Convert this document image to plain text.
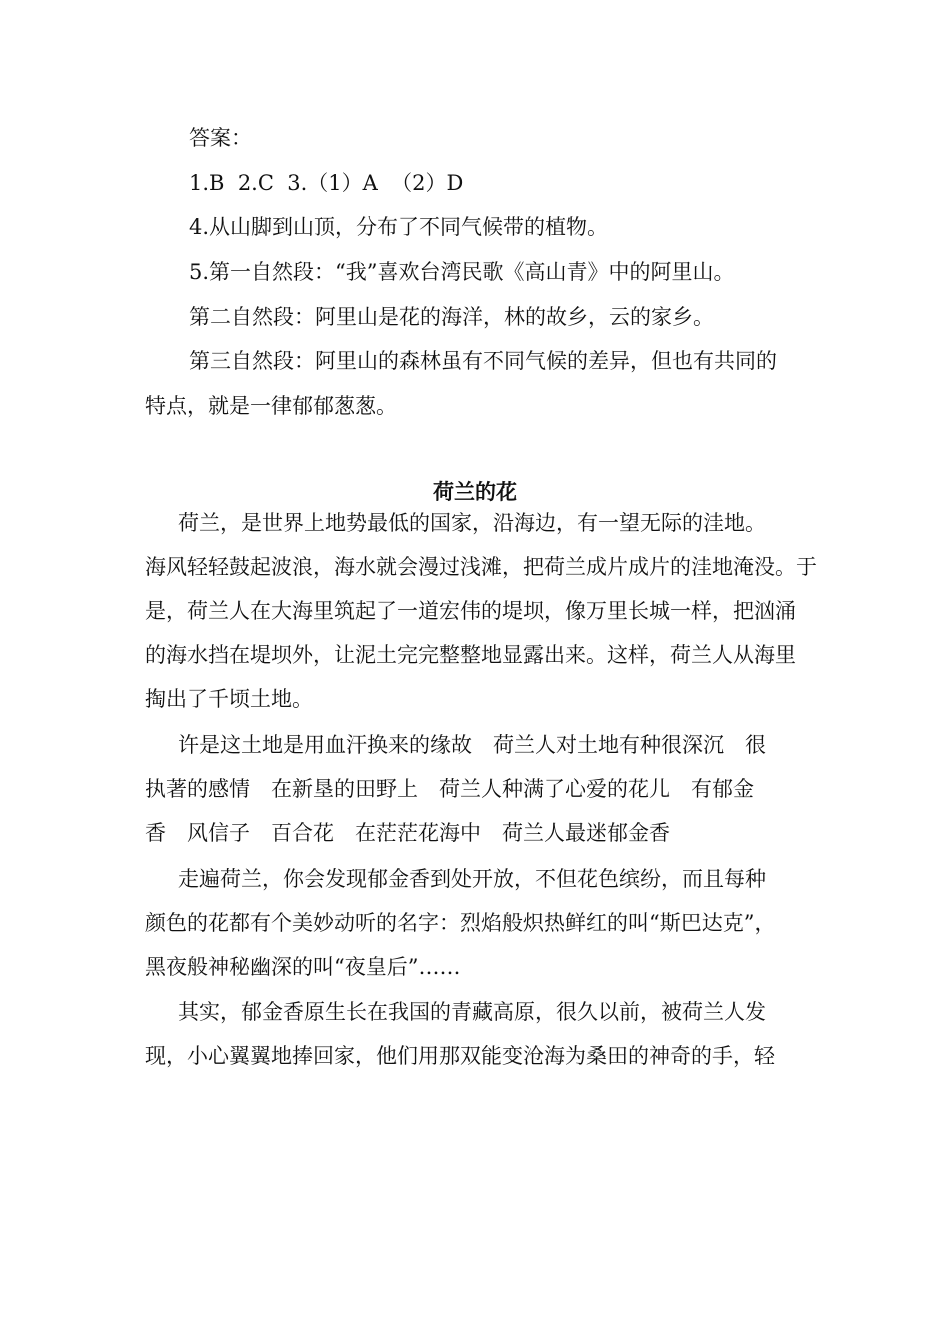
答案：
1.B  2.C  3.（1）A  （2）D
4.从山脚到山顶，分布了不同气候带的植物。
5.第一自然段：“我”喜欢台湾民歌《高山青》中的阿里山。
第二自然段：阿里山是花的海洋，林的故乡，云的家乡。
第三自然段：阿里山的森林虽有不同气候的差异，但也有共同的
特点，就是一律郁郁葱葱。
荷兰的花
荷兰，是世界上地势最低的国家，沿海边，有一望无际的洼地。
海风轻轻鼓起波浪，海水就会漫过浅滩，把荷兰成片成片的洼地淹没。于
是，荷兰人在大海里筑起了一道宏伟的堤坝，像万里长城一样，把汹涌
的海水挡在堤坝外，让泥土完完整整地显露出来。这样，荷兰人从海里
掏出了千顷土地。
许是这土地是用血汗换来的缘故　荷兰人对土地有种很深沉　很
执著的感情　在新垦的田野上　荷兰人种满了心爱的花儿　有郁金
香　风信子　百合花　在茫茫花海中　荷兰人最迷郁金香
走遍荷兰，你会发现郁金香到处开放，不但花色缤纷，而且每种
颜色的花都有个美妙动听的名字：烈焰般炽热鲜红的叫“斯巴达克”，
黑夜般神秘幽深的叫“夜皇后”……
其实，郁金香原生长在我国的青藏高原，很久以前，被荷兰人发
现，小心翼翼地捧回家，他们用那双能变沧海为桑田的神奇的手，轻
